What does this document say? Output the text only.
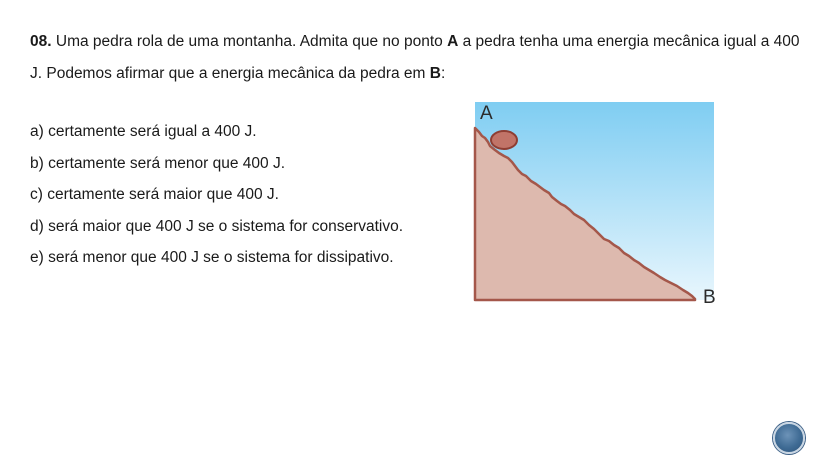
08. Uma pedra rola de uma montanha. Admita que no ponto A a pedra tenha uma energia mecânica igual a 400 J. Podemos afirmar que a energia mecânica da pedra em B:
a) certamente será igual a 400 J.
b) certamente será menor que 400 J.
c) certamente será maior que 400 J.
d) será maior que 400 J se o sistema for conservativo.
e) será menor que 400 J se o sistema for dissipativo.
A
B
